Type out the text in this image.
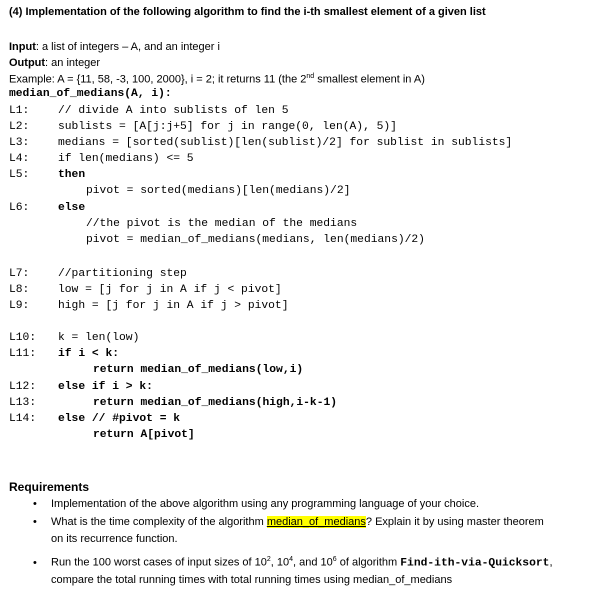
(4) Implementation of the following algorithm to find the i-th smallest element of a given list
Input: a list of integers – A, and an integer i
Output: an integer
Example: A = {11, 58, -3, 100, 2000}, i = 2; it returns 11 (the 2nd smallest element in A)
median_of_medians(A, i):
L1:	// divide A into sublists of len 5
L2:	sublists = [A[j:j+5] for j in range(0, len(A), 5)]
L3:	medians = [sorted(sublist)[len(sublist)/2] for sublist in sublists]
L4:	if len(medians) <= 5
L5:	then
pivot = sorted(medians)[len(medians)/2]
L6:	else
//the pivot is the median of the medians
pivot = median_of_medians(medians, len(medians)/2)
L7:	//partitioning step
L8:	low = [j for j in A if j < pivot]
L9:	high = [j for j in A if j > pivot]
L10: k = len(low)
L11: if i < k:
return median_of_medians(low,i)
L12: else if i > k:
L13:	return median_of_medians(high,i-k-1)
L14: else // #pivot = k
return A[pivot]
Requirements
• Implementation of the above algorithm using any programming language of your choice.
• What is the time complexity of the algorithm median_of_medians? Explain it by using master theorem
on its recurrence function.
• Run the 100 worst cases of input sizes of $10^2$, $10^4$, and $10^6$ of algorithm Find-ith-via-Quicksort,
compare the total running times with total running times using median_of_medians
